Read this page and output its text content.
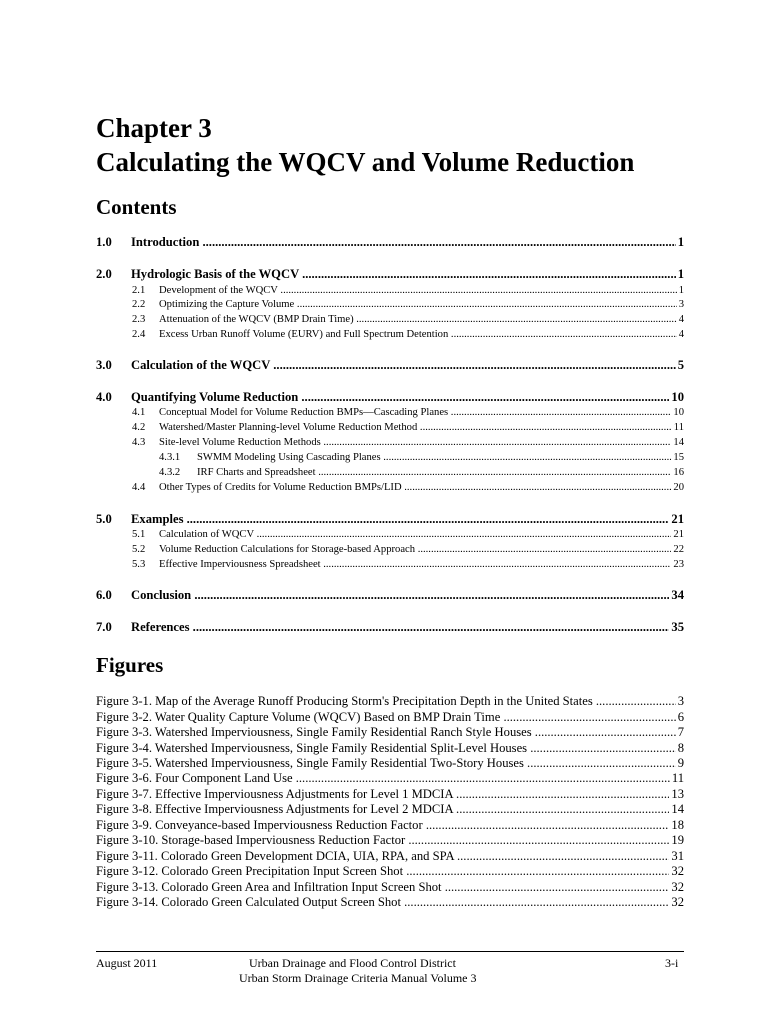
Chapter 3
Calculating the WQCV and Volume Reduction
Contents
1.0	Introduction .....	1
2.0	Hydrologic Basis of the WQCV .....	1
2.1	Development of the WQCV .....	1
2.2	Optimizing the Capture Volume .....	3
2.3	Attenuation of the WQCV (BMP Drain Time) .....	4
2.4	Excess Urban Runoff Volume (EURV) and Full Spectrum Detention .....	4
3.0	Calculation of the WQCV .....	5
4.0	Quantifying Volume Reduction .....	10
4.1	Conceptual Model for Volume Reduction BMPs—Cascading Planes .....	10
4.2	Watershed/Master Planning-level Volume Reduction Method .....	11
4.3	Site-level Volume Reduction Methods .....	14
4.3.1	SWMM Modeling Using Cascading Planes .....	15
4.3.2	IRF Charts and Spreadsheet .....	16
4.4	Other Types of Credits for Volume Reduction BMPs/LID .....	20
5.0	Examples .....	21
5.1	Calculation of WQCV .....	21
5.2	Volume Reduction Calculations for Storage-based Approach .....	22
5.3	Effective Imperviousness Spreadsheet .....	23
6.0	Conclusion .....	34
7.0	References .....	35
Figures
Figure 3-1. Map of the Average Runoff Producing Storm's Precipitation Depth in the United States .....	3
Figure 3-2. Water Quality Capture Volume (WQCV) Based on BMP Drain Time .....	6
Figure 3-3. Watershed Imperviousness, Single Family Residential Ranch Style Houses .....	7
Figure 3-4. Watershed Imperviousness, Single Family Residential Split-Level Houses .....	8
Figure 3-5. Watershed Imperviousness, Single Family Residential Two-Story Houses .....	9
Figure 3-6. Four Component Land Use .....	11
Figure 3-7. Effective Imperviousness Adjustments for Level 1 MDCIA .....	13
Figure 3-8. Effective Imperviousness Adjustments for Level 2 MDCIA .....	14
Figure 3-9. Conveyance-based Imperviousness Reduction Factor .....	18
Figure 3-10. Storage-based Imperviousness Reduction Factor .....	19
Figure 3-11. Colorado Green Development DCIA, UIA, RPA, and SPA .....	31
Figure 3-12. Colorado Green Precipitation Input Screen Shot .....	32
Figure 3-13. Colorado Green Area and Infiltration Input Screen Shot .....	32
Figure 3-14. Colorado Green Calculated Output Screen Shot .....	32
August 2011	Urban Drainage and Flood Control District
Urban Storm Drainage Criteria Manual Volume 3
3-i
